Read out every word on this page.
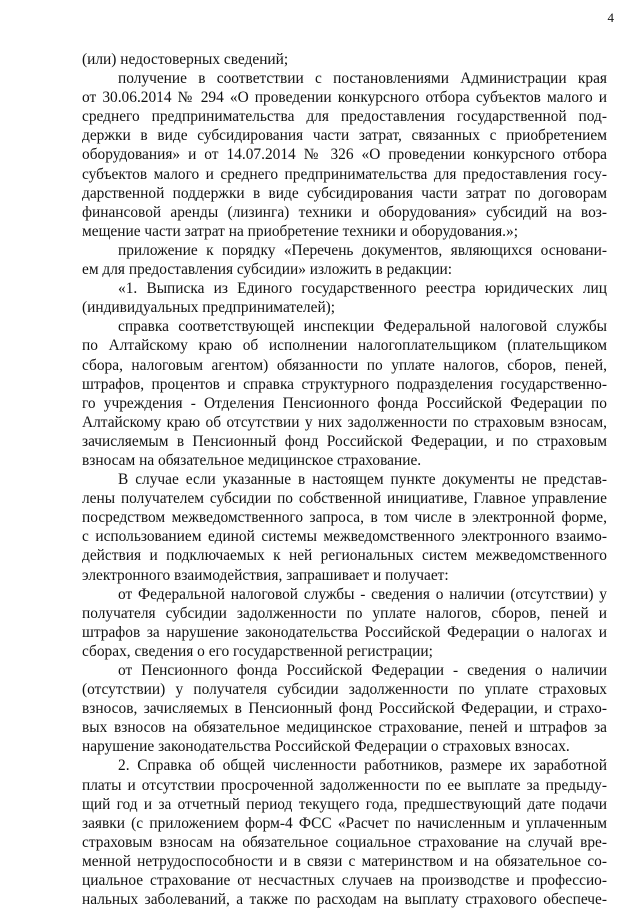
4
(или) недостоверных сведений;
получение в соответствии с постановлениями Администрации края
от 30.06.2014 № 294 «О проведении конкурсного отбора субъектов малого и
среднего предпринимательства для предоставления государственной под-
держки в виде субсидирования части затрат, связанных с приобретением
оборудования» и от 14.07.2014 № 326 «О проведении конкурсного отбора
субъектов малого и среднего предпринимательства для предоставления госу-
дарственной поддержки в виде субсидирования части затрат по договорам
финансовой аренды (лизинга) техники и оборудования» субсидий на воз-
мещение части затрат на приобретение техники и оборудования.»;
приложение к порядку «Перечень документов, являющихся основани-
ем для предоставления субсидии» изложить в редакции:
«1. Выписка из Единого государственного реестра юридических лиц
(индивидуальных предпринимателей);
справка соответствующей инспекции Федеральной налоговой службы
по Алтайскому краю об исполнении налогоплательщиком (плательщиком
сбора, налоговым агентом) обязанности по уплате налогов, сборов, пеней,
штрафов, процентов и справка структурного подразделения государственно-
го учреждения - Отделения Пенсионного фонда Российской Федерации по
Алтайскому краю об отсутствии у них задолженности по страховым взносам,
зачисляемым в Пенсионный фонд Российской Федерации, и по страховым
взносам на обязательное медицинское страхование.
В случае если указанные в настоящем пункте документы не представ-
лены получателем субсидии по собственной инициативе, Главное управление
посредством межведомственного запроса, в том числе в электронной форме,
с использованием единой системы межведомственного электронного взаимо-
действия и подключаемых к ней региональных систем межведомственного
электронного взаимодействия, запрашивает и получает:
от Федеральной налоговой службы - сведения о наличии (отсутствии) у
получателя субсидии задолженности по уплате налогов, сборов, пеней и
штрафов за нарушение законодательства Российской Федерации о налогах и
сборах, сведения о его государственной регистрации;
от Пенсионного фонда Российской Федерации - сведения о наличии
(отсутствии) у получателя субсидии задолженности по уплате страховых
взносов, зачисляемых в Пенсионный фонд Российской Федерации, и страхо-
вых взносов на обязательное медицинское страхование, пеней и штрафов за
нарушение законодательства Российской Федерации о страховых взносах.
2. Справка об общей численности работников, размере их заработной
платы и отсутствии просроченной задолженности по ее выплате за предыду-
щий год и за отчетный период текущего года, предшествующий дате подачи
заявки (с приложением форм-4 ФСС «Расчет по начисленным и уплаченным
страховым взносам на обязательное социальное страхование на случай вре-
менной нетрудоспособности и в связи с материнством и на обязательное со-
циальное страхование от несчастных случаев на производстве и профессио-
нальных заболеваний, а также по расходам на выплату страхового обеспече-
